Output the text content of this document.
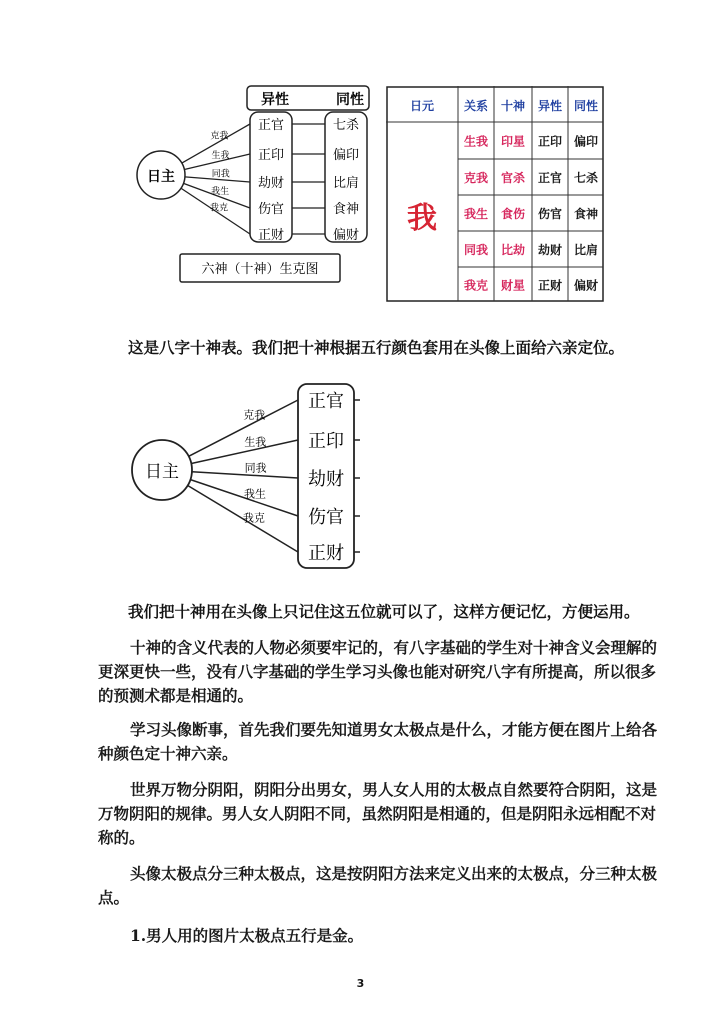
异性	同性
日主
克我
正官	七杀
生我 正印	偏印
同我
劫财	比肩
我生
伤官	食神
我克
正财	偏财
六神（十神）生克图
日元 关系 十神 异性 同性
我
生我 印星 正印 偏印
克我 官杀 正官 七杀
我生 食伤 伤官 食神
同我 比劫 劫财 比肩
我克 财星 正财 偏财
这是八字十神表。我们把十神根据五行颜色套用在头像上面给六亲定位。
日主
克我
正官
生我 正印
同我
劫财
我生
伤官
我克
正财
我们把十神用在头像上只记住这五位就可以了，这样方便记忆，方便运用。
十神的含义代表的人物必须要牢记的，有八字基础的学生对十神含义会理解的更深更快一些，没有八字基础的学生学习头像也能对研究八字有所提高，所以很多的预测术都是相通的。
学习头像断事，首先我们要先知道男女太极点是什么，才能方便在图片上给各种颜色定十神六亲。
世界万物分阴阳，阴阳分出男女，男人女人用的太极点自然要符合阴阳，这是万物阴阳的规律。男人女人阴阳不同，虽然阴阳是相通的，但是阴阳永远相配不对称的。
头像太极点分三种太极点，这是按阴阳方法来定义出来的太极点，分三种太极点。
1.男人用的图片太极点五行是金。
3
